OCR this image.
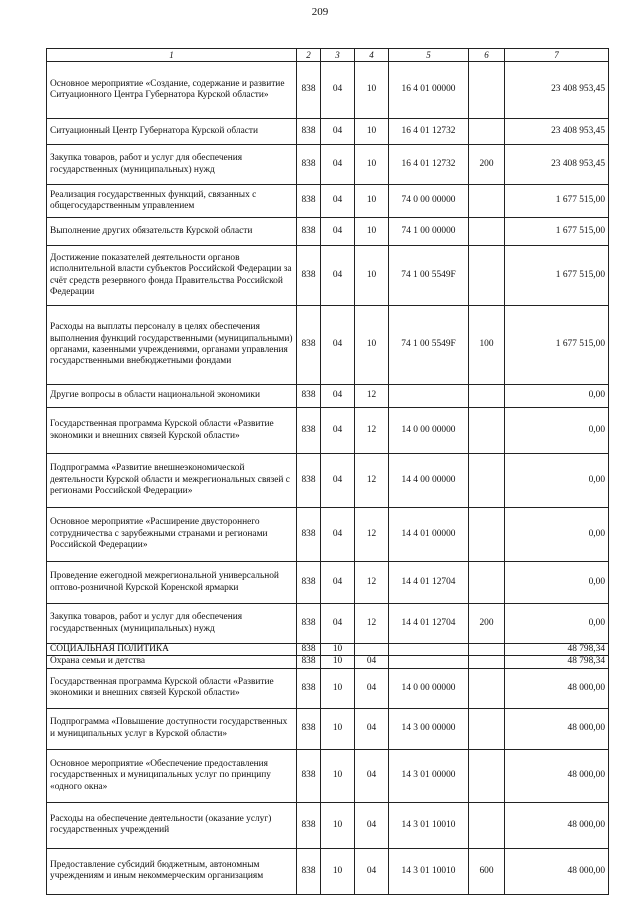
209
1	2	3	4	5	6	7
Основное мероприятие «Создание, содержание и развитие Ситуационного Центра Губернатора Курской области»	838	04	10	16 4 01 00000		23 408 953,45
Ситуационный Центр Губернатора Курской области	838	04	10	16 4 01 12732		23 408 953,45
Закупка товаров, работ и услуг для обеспечения государственных (муниципальных) нужд	838	04	10	16 4 01 12732	200	23 408 953,45
Реализация государственных функций, связанных с общегосударственным управлением	838	04	10	74 0 00 00000		1 677 515,00
Выполнение других обязательств Курской области	838	04	10	74 1 00 00000		1 677 515,00
Достижение показателей деятельности органов исполнительной власти субъектов Российской Федерации за счёт средств резервного фонда Правительства Российской Федерации	838	04	10	74 1 00 5549F		1 677 515,00
Расходы на выплаты персоналу в целях обеспечения выполнения функций государственными (муниципальными) органами, казенными учреждениями, органами управления государственными внебюджетными фондами	838	04	10	74 1 00 5549F	100	1 677 515,00
Другие вопросы в области национальной экономики	838	04	12			0,00
Государственная программа Курской области «Развитие экономики и внешних связей Курской области»	838	04	12	14 0 00 00000		0,00
Подпрограмма «Развитие внешнеэкономической деятельности Курской области и межрегиональных связей с регионами Российской Федерации»	838	04	12	14 4 00 00000		0,00
Основное мероприятие «Расширение двустороннего сотрудничества с зарубежными странами и регионами Российской Федерации»	838	04	12	14 4 01 00000		0,00
Проведение ежегодной межрегиональной универсальной оптово-розничной Курской Коренской ярмарки	838	04	12	14 4 01 12704		0,00
Закупка товаров, работ и услуг для обеспечения государственных (муниципальных) нужд	838	04	12	14 4 01 12704	200	0,00
СОЦИАЛЬНАЯ ПОЛИТИКА	838	10				48 798,34
Охрана семьи и детства	838	10	04			48 798,34
Государственная программа Курской области «Развитие экономики и внешних связей Курской области»	838	10	04	14 0 00 00000		48 000,00
Подпрограмма «Повышение доступности государственных и муниципальных услуг в Курской области»	838	10	04	14 3 00 00000		48 000,00
Основное мероприятие «Обеспечение предоставления государственных и муниципальных услуг по принципу «одного окна»	838	10	04	14 3 01 00000		48 000,00
Расходы на обеспечение деятельности (оказание услуг) государственных учреждений	838	10	04	14 3 01 10010		48 000,00
Предоставление субсидий бюджетным, автономным учреждениям и иным некоммерческим организациям	838	10	04	14 3 01 10010	600	48 000,00
